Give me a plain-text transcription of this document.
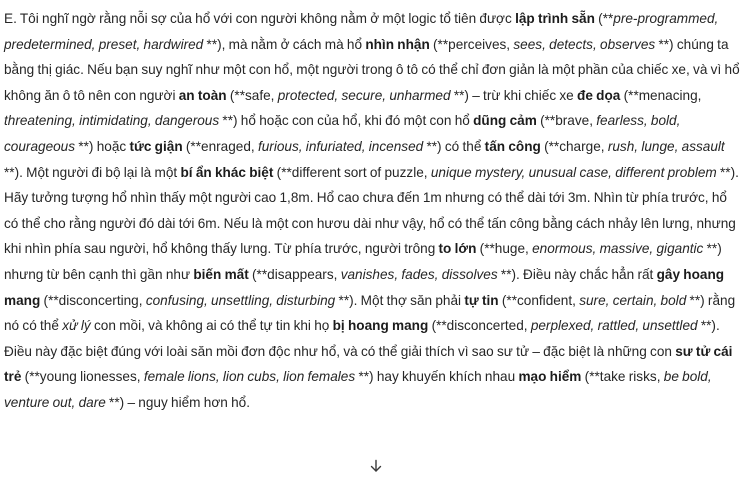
E. Tôi nghĩ ngờ rằng nỗi sợ của hổ với con người không nằm ở một logic tổ tiên được lập trình sẵn (**pre-programmed, predetermined, preset, hardwired **), mà nằm ở cách mà hổ nhìn nhận (**perceives, sees, detects, observes **) chúng ta bằng thị giác. Nếu bạn suy nghĩ như một con hổ, một người trong ô tô có thể chỉ đơn giản là một phần của chiếc xe, và vì hổ không ăn ô tô nên con người an toàn (**safe, protected, secure, unharmed **) – trừ khi chiếc xe đe dọa (**menacing, threatening, intimidating, dangerous **) hổ hoặc con của hổ, khi đó một con hổ dũng cảm (**brave, fearless, bold, courageous **) hoặc tức giận (**enraged, furious, infuriated, incensed **) có thể tấn công (**charge, rush, lunge, assault **). Một người đi bộ lại là một bí ẩn khác biệt (**different sort of puzzle, unique mystery, unusual case, different problem **). Hãy tưởng tượng hổ nhìn thấy một người cao 1,8m. Hổ cao chưa đến 1m nhưng có thể dài tới 3m. Nhìn từ phía trước, hổ có thể cho rằng người đó dài tới 6m. Nếu là một con hươu dài như vậy, hổ có thể tấn công bằng cách nhảy lên lưng, nhưng khi nhìn phía sau người, hổ không thấy lưng. Từ phía trước, người trông to lớn (**huge, enormous, massive, gigantic **) nhưng từ bên cạnh thì gần như biến mất (**disappears, vanishes, fades, dissolves **). Điều này chắc hẳn rất gây hoang mang (**disconcerting, confusing, unsettling, disturbing **). Một thợ săn phải tự tin (**confident, sure, certain, bold **) rằng nó có thể xử lý con mồi, và không ai có thể tự tin khi họ bị hoang mang (**disconcerted, perplexed, rattled, unsettled **). Điều này đặc biệt đúng với loài săn mồi đơn độc như hổ, và có thể giải thích vì sao sư tử – đặc biệt là những con sư tử cái trẻ (**young lionesses, female lions, lion cubs, lion females **) hay khuyến khích nhau mạo hiểm (**take risks, be bold, venture out, dare **) – nguy hiểm hơn hổ.
